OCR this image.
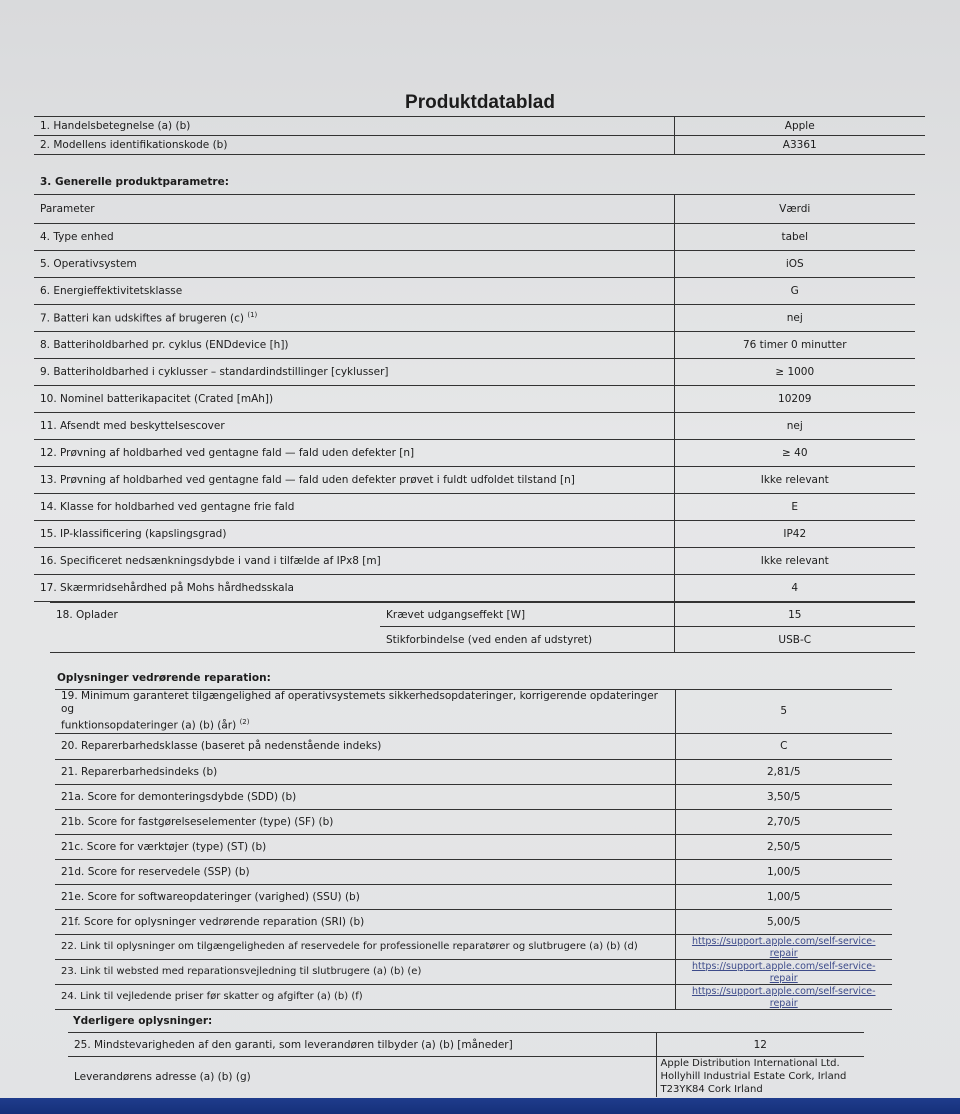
Produktdatablad
1. Handelsbetegnelse (a) (b)	Apple
2. Modellens identifikationskode (b)	A3361
3. Generelle produktparametre:
Parameter	Værdi
4. Type enhed	tabel
5. Operativsystem	iOS
6. Energieffektivitetsklasse	G
7. Batteri kan udskiftes af brugeren (c) $^{(1)}$	nej
8. Batteriholdbarhed pr. cyklus (ENDdevice [h])	76 timer 0 minutter
9. Batteriholdbarhed i cyklusser – standardindstillinger [cyklusser]	≥ 1000
10. Nominel batterikapacitet (Crated [mAh])	10209
11. Afsendt med beskyttelsescover	nej
12. Prøvning af holdbarhed ved gentagne fald — fald uden defekter [n]	≥ 40
13. Prøvning af holdbarhed ved gentagne fald — fald uden defekter prøvet i fuldt udfoldet tilstand [n]	Ikke relevant
14. Klasse for holdbarhed ved gentagne frie fald	E
15. IP-klassificering (kapslingsgrad)	IP42
16. Specificeret nedsænkningsdybde i vand i tilfælde af IPx8 [m]	Ikke relevant
17. Skærmridsehårdhed på Mohs hårdhedsskala	4
18. Oplader	Krævet udgangseffekt [W]	15
	Stikforbindelse (ved enden af udstyret)	USB-C
Oplysninger vedrørende reparation:
19. Minimum garanteret tilgængelighed af operativsystemets sikkerhedsopdateringer, korrigerende opdateringer og
funktionsopdateringer (a) (b) (år) $^{(2)}$	5
20. Reparerbarhedsklasse (baseret på nedenstående indeks)	C
21. Reparerbarhedsindeks (b)	2,81/5
21a. Score for demonteringsdybde (SDD) (b)	3,50/5
21b. Score for fastgørelseselementer (type) (SF) (b)	2,70/5
21c. Score for værktøjer (type) (ST) (b)	2,50/5
21d. Score for reservedele (SSP) (b)	1,00/5
21e. Score for softwareopdateringer (varighed) (SSU) (b)	1,00/5
21f. Score for oplysninger vedrørende reparation (SRI) (b)	5,00/5
22. Link til oplysninger om tilgængeligheden af reservedele for professionelle reparatører og slutbrugere (a) (b) (d)	https://support.apple.com/self-service-repair
23. Link til websted med reparationsvejledning til slutbrugere (a) (b) (e)	https://support.apple.com/self-service-repair
24. Link til vejledende priser før skatter og afgifter (a) (b) (f)	https://support.apple.com/self-service-repair
Yderligere oplysninger:
25. Mindstevarigheden af den garanti, som leverandøren tilbyder (a) (b) [måneder]	12
Leverandørens adresse (a) (b) (g)	Apple Distribution International Ltd.
Hollyhill Industrial Estate Cork, Irland
T23YK84 Cork Irland
